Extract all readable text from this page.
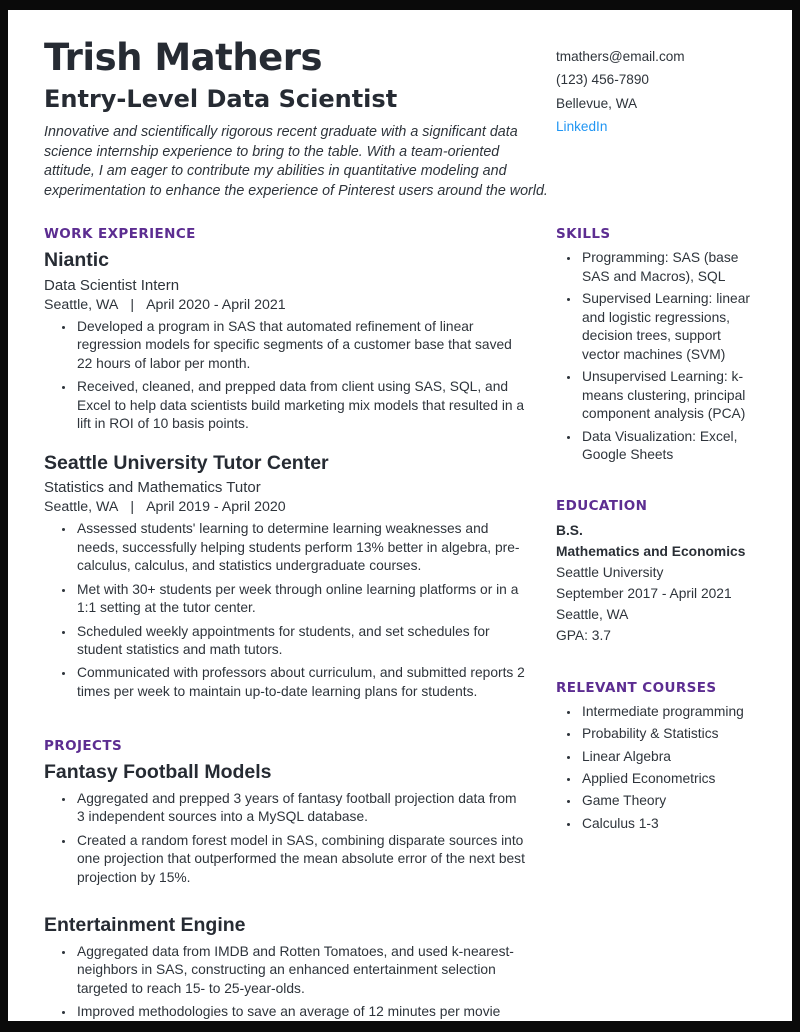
Trish Mathers
Entry-Level Data Scientist

Innovative and scientifically rigorous recent graduate with a significant data science internship experience to bring to the table. With a team-oriented attitude, I am eager to contribute my abilities in quantitative modeling and experimentation to enhance the experience of Pinterest users around the world.

tmathers@email.com
(123) 456-7890
Bellevue, WA
LinkedIn
WORK EXPERIENCE
Niantic
Data Scientist Intern
Seattle, WA | April 2020 - April 2021
• Developed a program in SAS that automated refinement of linear regression models for specific segments of a customer base that saved 22 hours of labor per month.
• Received, cleaned, and prepped data from client using SAS, SQL, and Excel to help data scientists build marketing mix models that resulted in a lift in ROI of 10 basis points.
Seattle University Tutor Center
Statistics and Mathematics Tutor
Seattle, WA | April 2019 - April 2020
• Assessed students' learning to determine learning weaknesses and needs, successfully helping students perform 13% better in algebra, pre-calculus, calculus, and statistics undergraduate courses.
• Met with 30+ students per week through online learning platforms or in a 1:1 setting at the tutor center.
• Scheduled weekly appointments for students, and set schedules for student statistics and math tutors.
• Communicated with professors about curriculum, and submitted reports 2 times per week to maintain up-to-date learning plans for students.
PROJECTS
Fantasy Football Models
• Aggregated and prepped 3 years of fantasy football projection data from 3 independent sources into a MySQL database.
• Created a random forest model in SAS, combining disparate sources into one projection that outperformed the mean absolute error of the next best projection by 15%.
Entertainment Engine
• Aggregated data from IMDB and Rotten Tomatoes, and used k-nearest-neighbors in SAS, constructing an enhanced entertainment selection targeted to reach 15- to 25-year-olds.
• Improved methodologies to save an average of 12 minutes per movie selection and 3 minutes per song selection.
SKILLS
• Programming: SAS (base SAS and Macros), SQL
• Supervised Learning: linear and logistic regressions, decision trees, support vector machines (SVM)
• Unsupervised Learning: k-means clustering, principal component analysis (PCA)
• Data Visualization: Excel, Google Sheets
EDUCATION
B.S.
Mathematics and Economics
Seattle University
September 2017 - April 2021
Seattle, WA
GPA: 3.7
RELEVANT COURSES
• Intermediate programming
• Probability & Statistics
• Linear Algebra
• Applied Econometrics
• Game Theory
• Calculus 1-3
